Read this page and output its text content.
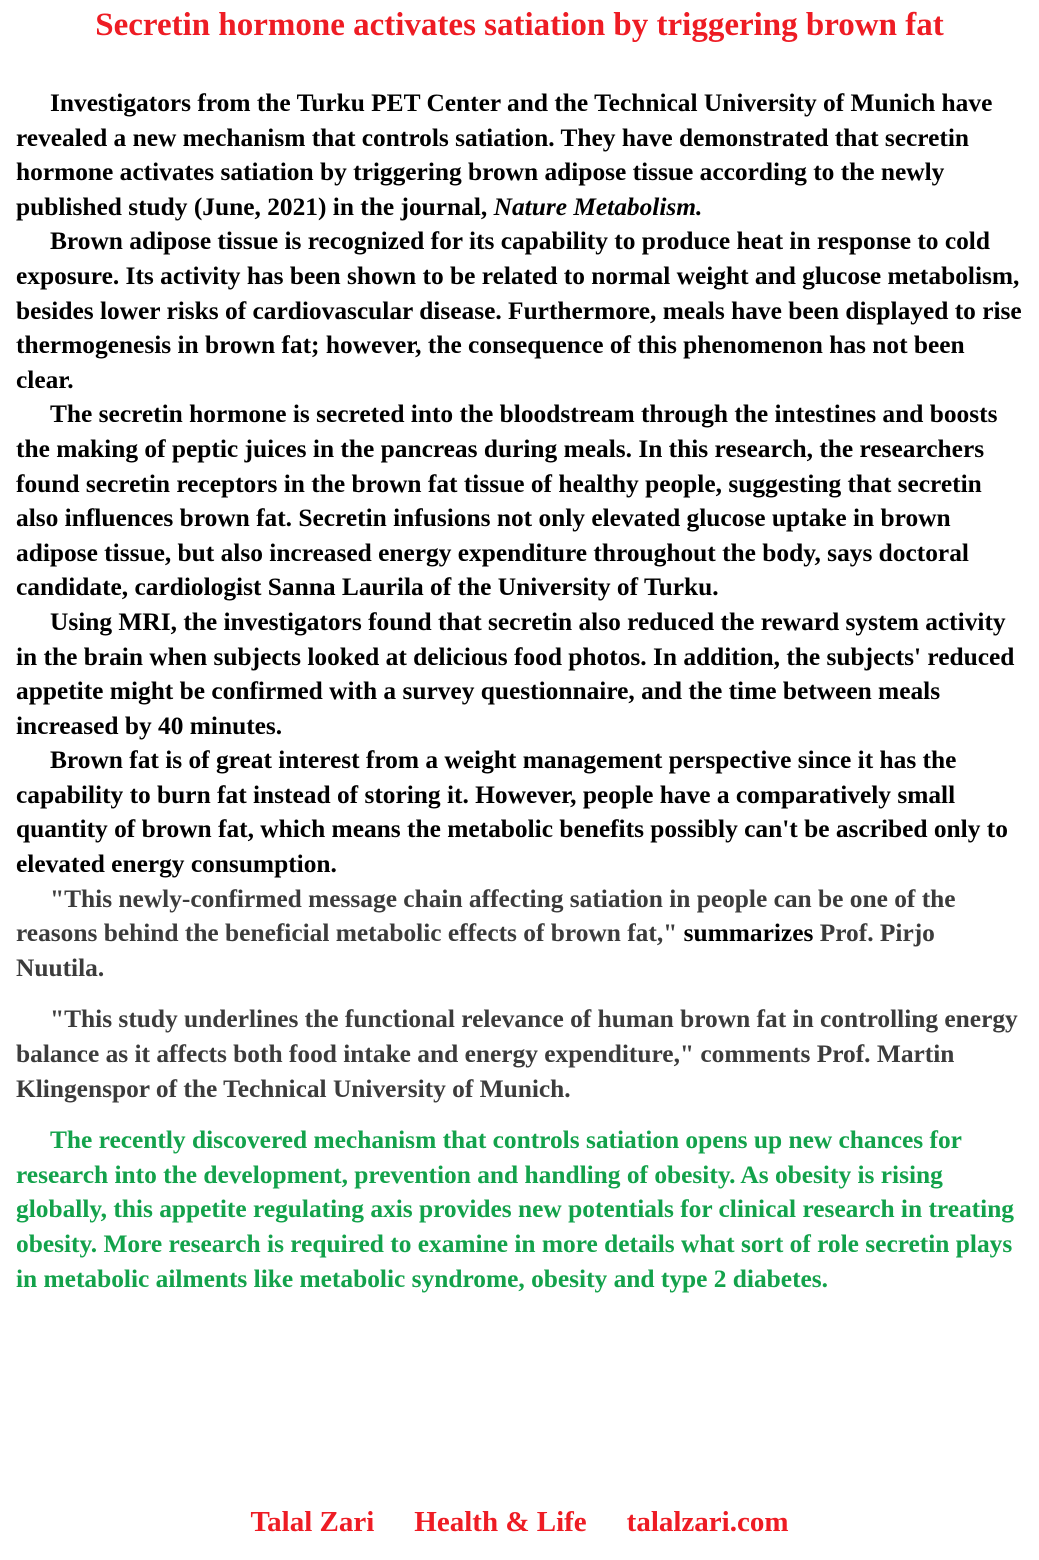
Secretin hormone activates satiation by triggering brown fat

Investigators from the Turku PET Center and the Technical University of Munich have revealed a new mechanism that controls satiation. They have demonstrated that secretin hormone activates satiation by triggering brown adipose tissue according to the newly published study (June, 2021) in the journal, Nature Metabolism.

Brown adipose tissue is recognized for its capability to produce heat in response to cold exposure. Its activity has been shown to be related to normal weight and glucose metabolism, besides lower risks of cardiovascular disease. Furthermore, meals have been displayed to rise thermogenesis in brown fat; however, the consequence of this phenomenon has not been clear.

The secretin hormone is secreted into the bloodstream through the intestines and boosts the making of peptic juices in the pancreas during meals. In this research, the researchers found secretin receptors in the brown fat tissue of healthy people, suggesting that secretin also influences brown fat. Secretin infusions not only elevated glucose uptake in brown adipose tissue, but also increased energy expenditure throughout the body, says doctoral candidate, cardiologist Sanna Laurila of the University of Turku.

Using MRI, the investigators found that secretin also reduced the reward system activity in the brain when subjects looked at delicious food photos. In addition, the subjects' reduced appetite might be confirmed with a survey questionnaire, and the time between meals increased by 40 minutes.

Brown fat is of great interest from a weight management perspective since it has the capability to burn fat instead of storing it. However, people have a comparatively small quantity of brown fat, which means the metabolic benefits possibly can't be ascribed only to elevated energy consumption.

"This newly-confirmed message chain affecting satiation in people can be one of the reasons behind the beneficial metabolic effects of brown fat," summarizes Prof. Pirjo Nuutila.

"This study underlines the functional relevance of human brown fat in controlling energy balance as it affects both food intake and energy expenditure," comments Prof. Martin Klingenspor of the Technical University of Munich.

The recently discovered mechanism that controls satiation opens up new chances for research into the development, prevention and handling of obesity. As obesity is rising globally, this appetite regulating axis provides new potentials for clinical research in treating obesity. More research is required to examine in more details what sort of role secretin plays in metabolic ailments like metabolic syndrome, obesity and type 2 diabetes.

Talal Zari Health & Life talalzari.com
